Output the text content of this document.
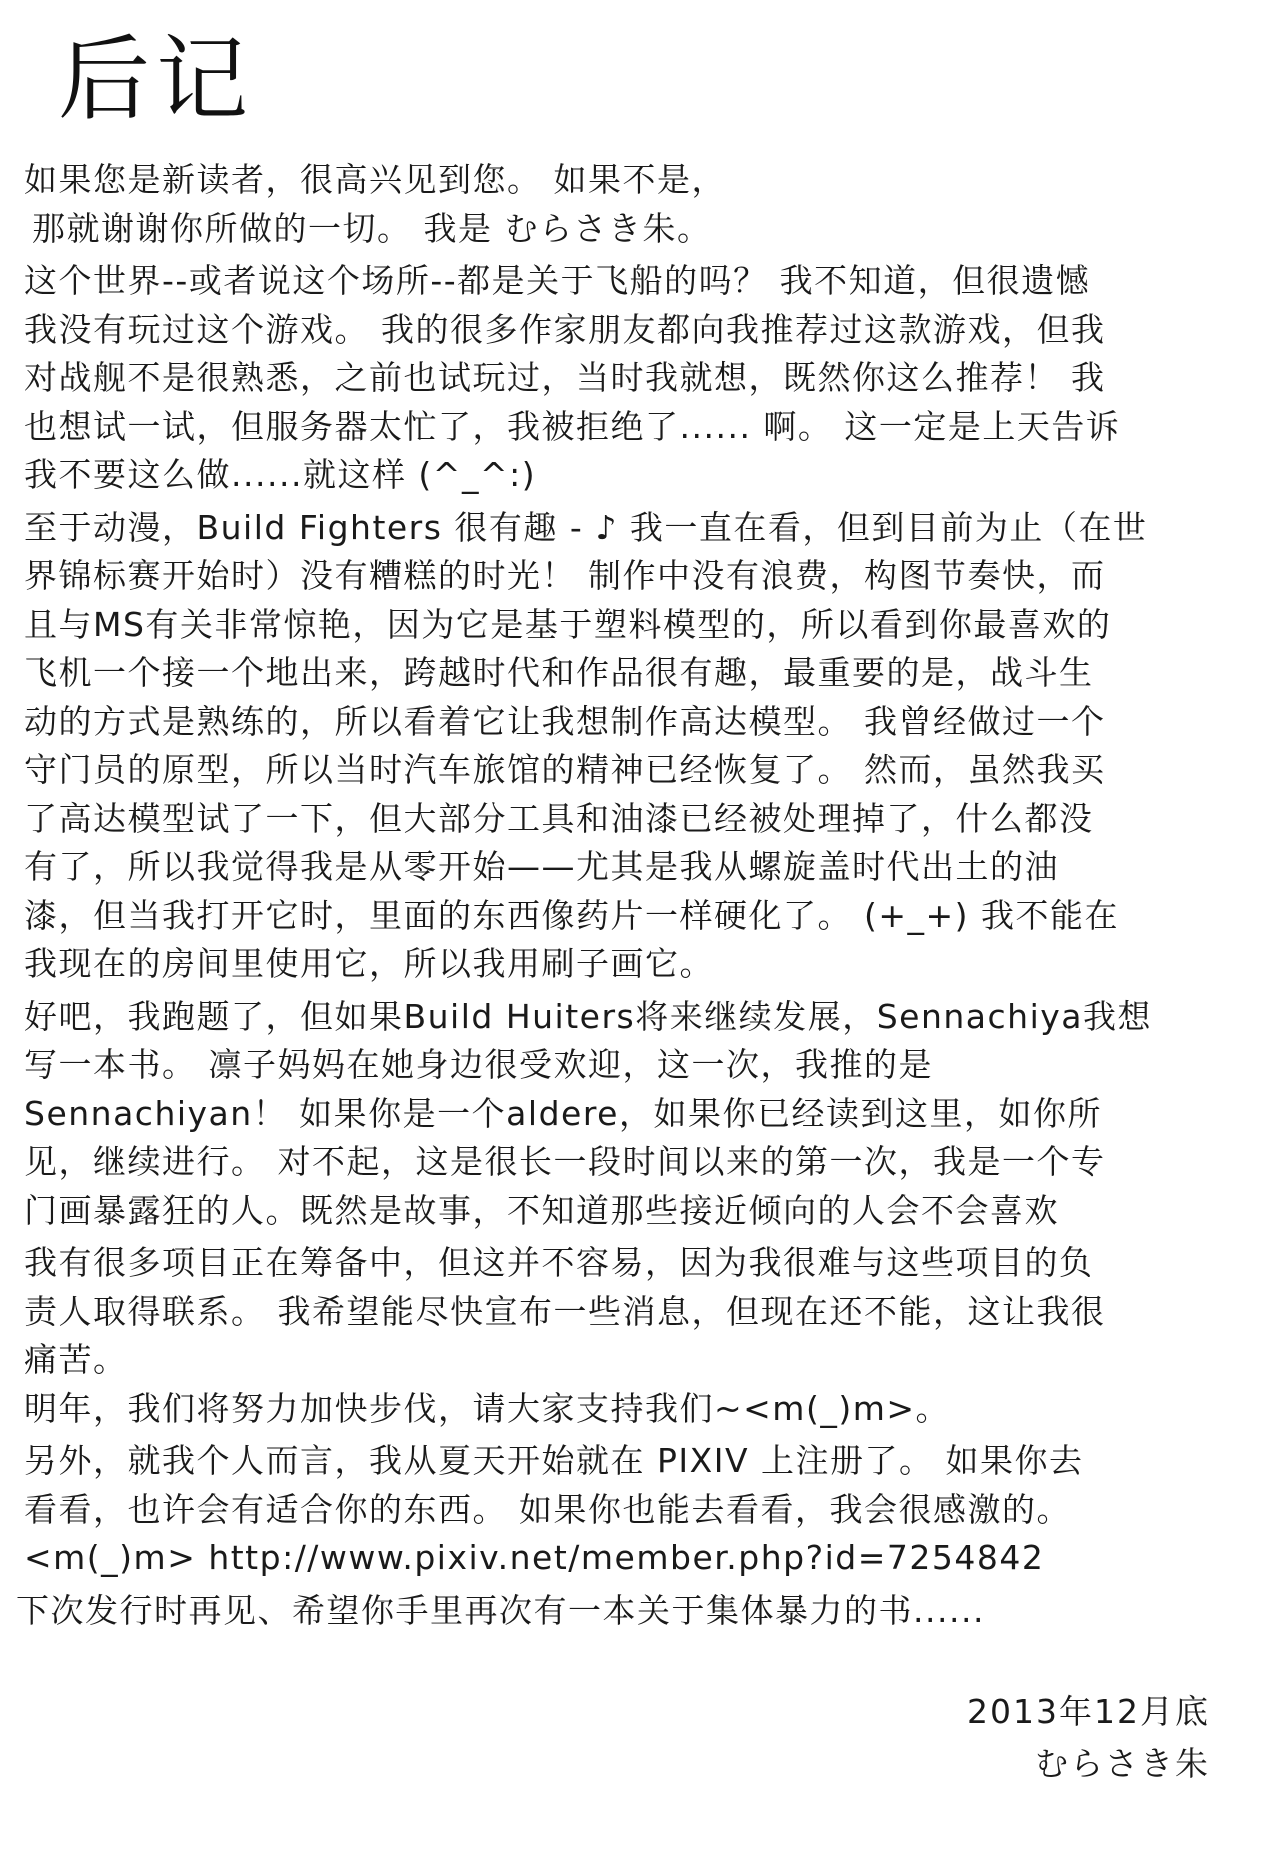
后记
如果您是新读者，很高兴见到您。 如果不是，
那就谢谢你所做的一切。 我是 むらさき朱。
这个世界--或者说这个场所--都是关于飞船的吗？ 我不知道，但很遗憾
我没有玩过这个游戏。 我的很多作家朋友都向我推荐过这款游戏，但我
对战舰不是很熟悉，之前也试玩过，当时我就想，既然你这么推荐！ 我
也想试一试，但服务器太忙了，我被拒绝了...... 啊。 这一定是上天告诉
我不要这么做......就这样 (^_^:)
至于动漫，Build Fighters 很有趣 - ♪ 我一直在看，但到目前为止（在世
界锦标赛开始时）没有糟糕的时光！ 制作中没有浪费，构图节奏快，而
且与MS有关非常惊艳，因为它是基于塑料模型的，所以看到你最喜欢的
飞机一个接一个地出来，跨越时代和作品很有趣，最重要的是，战斗生
动的方式是熟练的，所以看着它让我想制作高达模型。 我曾经做过一个
守门员的原型，所以当时汽车旅馆的精神已经恢复了。 然而，虽然我买
了高达模型试了一下，但大部分工具和油漆已经被处理掉了，什么都没
有了，所以我觉得我是从零开始——尤其是我从螺旋盖时代出土的油
漆，但当我打开它时，里面的东西像药片一样硬化了。 (+_+) 我不能在
我现在的房间里使用它，所以我用刷子画它。
好吧，我跑题了，但如果Build Huiters将来继续发展，Sennachiya我想
写一本书。 凛子妈妈在她身边很受欢迎，这一次，我推的是
Sennachiyan！ 如果你是一个aldere，如果你已经读到这里，如你所
见，继续进行。 对不起，这是很长一段时间以来的第一次，我是一个专
门画暴露狂的人。既然是故事，不知道那些接近倾向的人会不会喜欢
我有很多项目正在筹备中，但这并不容易，因为我很难与这些项目的负
责人取得联系。 我希望能尽快宣布一些消息，但现在还不能，这让我很
痛苦。
明年，我们将努力加快步伐，请大家支持我们~<m(_)m>。
另外，就我个人而言，我从夏天开始就在 PIXIV 上注册了。 如果你去
看看，也许会有适合你的东西。 如果你也能去看看，我会很感激的。
<m(_)m> http://www.pixiv.net/member.php?id=7254842
下次发行时再见、希望你手里再次有一本关于集体暴力的书......
2013年12月底
むらさき朱
